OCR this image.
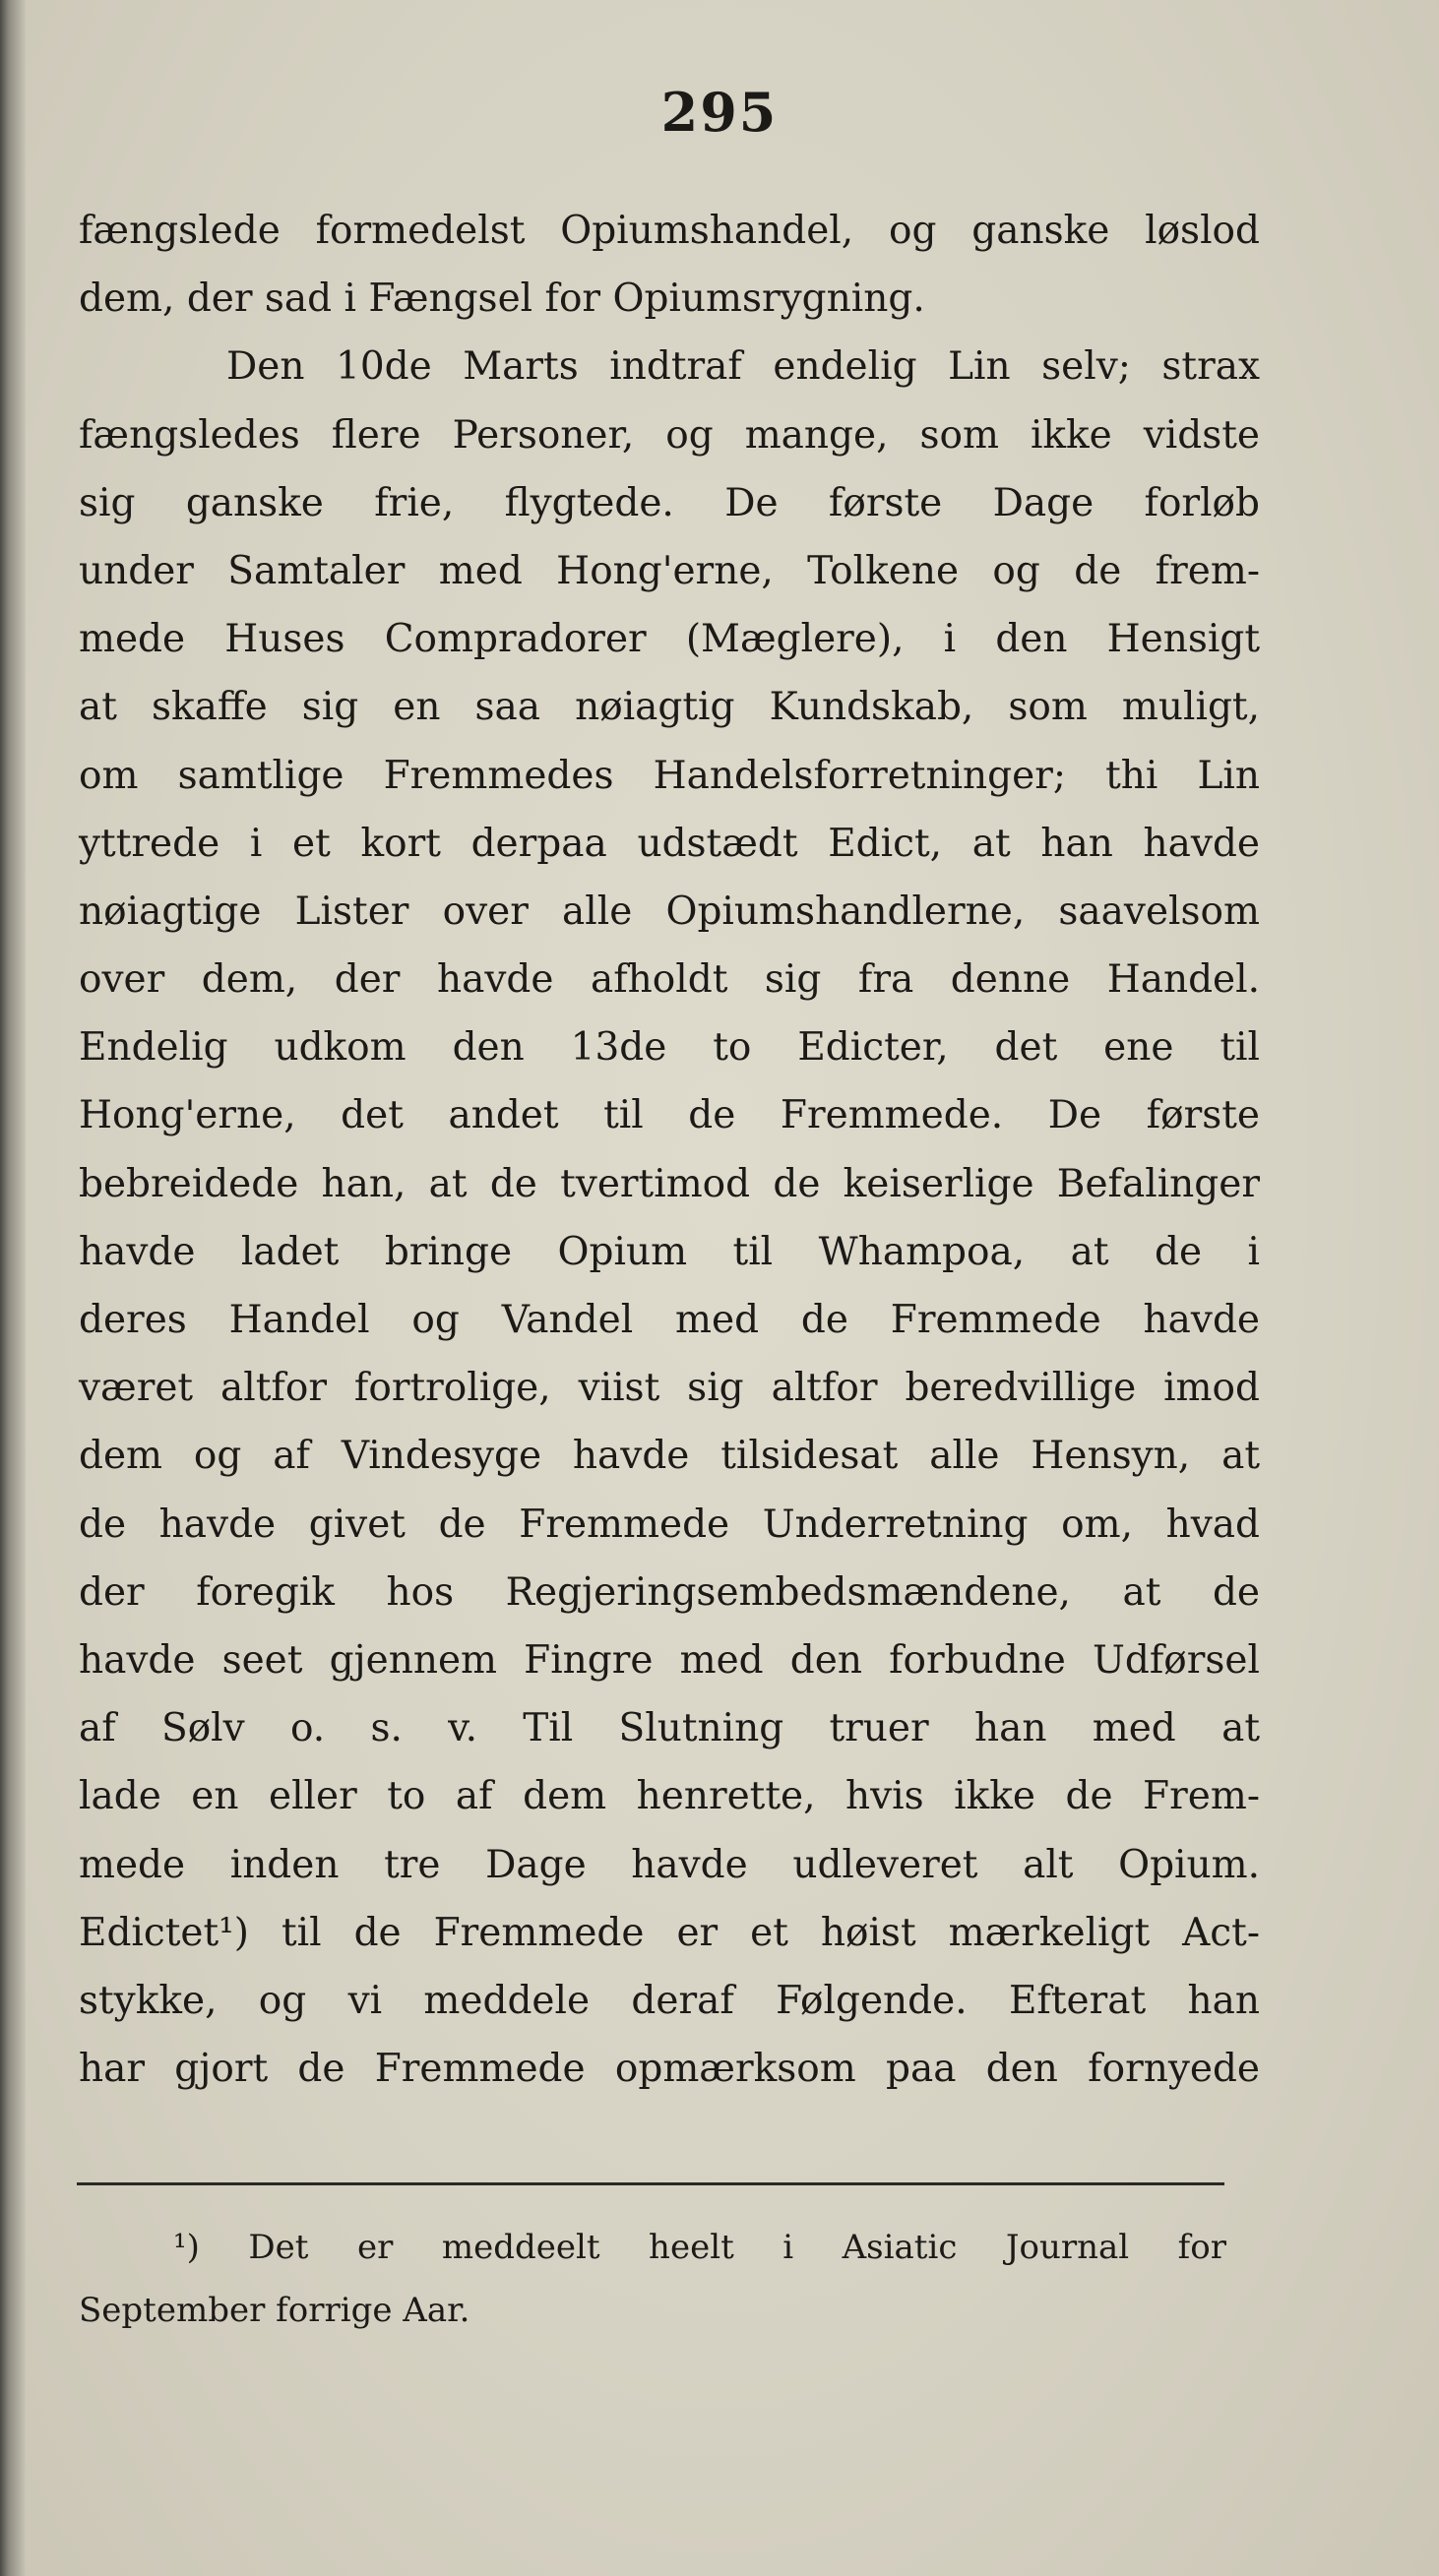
295
fængslede formedelst Opiumshandel, og ganske løslod
dem, der sad i Fængsel for Opiumsrygning.
Den 10de Marts indtraf endelig Lin selv; strax
fængsledes flere Personer, og mange, som ikke vidste
sig ganske frie, flygtede. De første Dage forløb
under Samtaler med Hong'erne, Tolkene og de frem-
mede Huses Compradorer (Mæglere), i den Hensigt
at skaffe sig en saa nøiagtig Kundskab, som muligt,
om samtlige Fremmedes Handelsforretninger; thi Lin
yttrede i et kort derpaa udstædt Edict, at han havde
nøiagtige Lister over alle Opiumshandlerne, saavelsom
over dem, der havde afholdt sig fra denne Handel.
Endelig udkom den 13de to Edicter, det ene til
Hong'erne, det andet til de Fremmede. De første
bebreidede han, at de tvertimod de keiserlige Befalinger
havde ladet bringe Opium til Whampoa, at de i
deres Handel og Vandel med de Fremmede havde
været altfor fortrolige, viist sig altfor beredvillige imod
dem og af Vindesyge havde tilsidesat alle Hensyn, at
de havde givet de Fremmede Underretning om, hvad
der foregik hos Regjeringsembedsmændene, at de
havde seet gjennem Fingre med den forbudne Udførsel
af Sølv o. s. v. Til Slutning truer han med at
lade en eller to af dem henrette, hvis ikke de Frem-
mede inden tre Dage havde udleveret alt Opium.
Edictet¹) til de Fremmede er et høist mærkeligt Act-
stykke, og vi meddele deraf Følgende. Efterat han
har gjort de Fremmede opmærksom paa den fornyede
¹) Det er meddeelt heelt i Asiatic Journal for
September forrige Aar.
